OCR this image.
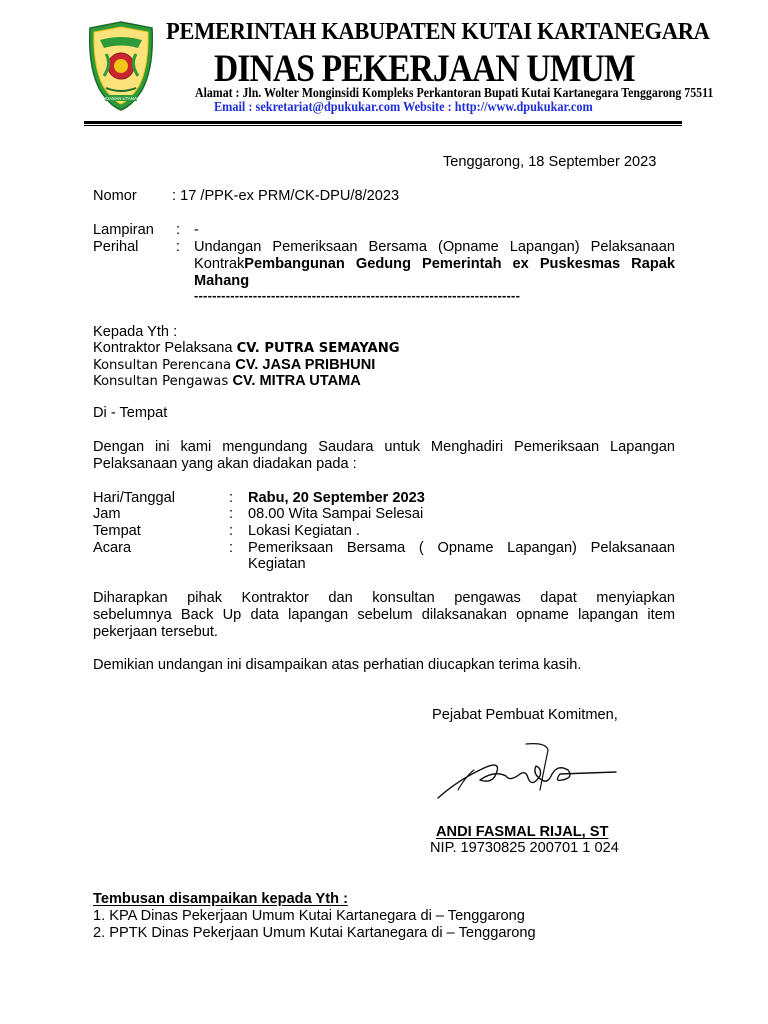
IDAMAN UTAMA
PEMERINTAH KABUPATEN KUTAI KARTANEGARA
DINAS PEKERJAAN UMUM
Alamat : Jln. Wolter Monginsidi Kompleks Perkantoran Bupati Kutai Kartanegara Tenggarong 75511
Email : sekretariat@dpukukar.com Website : http://www.dpukukar.com
Tenggarong, 18 September 2023
Nomor : 17 /PPK-ex PRM/CK-DPU/8/2023
Lampiran : -
Perihal	: Undangan Pemeriksaan Bersama (Opname Lapangan) Pelaksanaan
Kontrak Pembangunan Gedung Pemerintah ex Puskesmas Rapak
Mahang
------------------------------------------------------------------------
Kepada Yth :
Kontraktor Pelaksana CV. PUTRA SEMAYANG
Konsultan Perencana CV. JASA PRIBHUNI
Konsultan Pengawas CV. MITRA UTAMA
Di - Tempat
Dengan ini kami mengundang Saudara untuk Menghadiri Pemeriksaan Lapangan
Pelaksanaan yang akan diadakan pada :
Hari/Tanggal	: Rabu, 20 September 2023
Jam	: 08.00 Wita Sampai Selesai
Tempat	: Lokasi Kegiatan .
Acara	: Pemeriksaan Bersama ( Opname Lapangan) Pelaksanaan
Kegiatan
Diharapkan pihak Kontraktor dan konsultan pengawas dapat menyiapkan
sebelumnya Back Up data lapangan sebelum dilaksanakan opname lapangan item
pekerjaan tersebut.
Demikian undangan ini disampaikan atas perhatian diucapkan terima kasih.
Pejabat Pembuat Komitmen,
ANDI FASMAL RIJAL, ST
NIP. 19730825 200701 1 024
Tembusan disampaikan kepada Yth :
1. KPA Dinas Pekerjaan Umum Kutai Kartanegara di – Tenggarong
2. PPTK Dinas Pekerjaan Umum Kutai Kartanegara di – Tenggarong
